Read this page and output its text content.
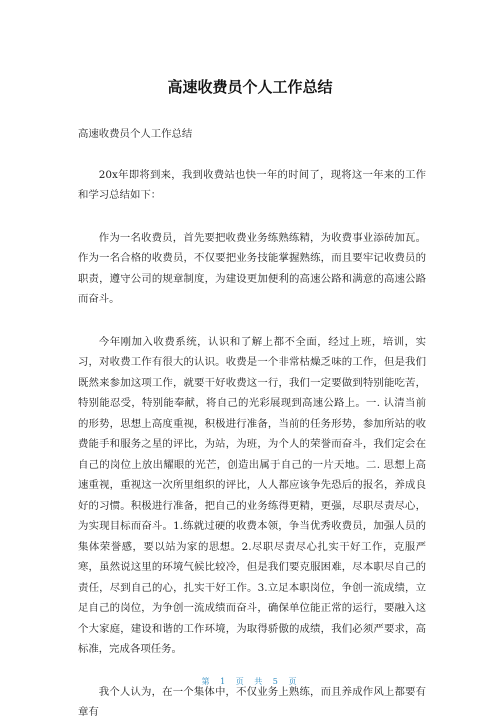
高速收费员个人工作总结

高速收费员个人工作总结

20x年即将到来，我到收费站也快一年的时间了，现将这一年来的工作和学习总结如下：

作为一名收费员，首先要把收费业务练熟练精，为收费事业添砖加瓦。作为一名合格的收费员，不仅要把业务技能掌握熟练，而且要牢记收费员的职责，遵守公司的规章制度，为建设更加便利的高速公路和满意的高速公路而奋斗。

今年刚加入收费系统，认识和了解上都不全面，经过上班，培训，实习，对收费工作有很大的认识。收费是一个非常枯燥乏味的工作，但是我们既然来参加这项工作，就要干好收费这一行，我们一定要做到特别能吃苦，特别能忍受，特别能奉献，将自己的光彩展现到高速公路上。一. 认清当前的形势，思想上高度重视，积极进行准备，当前的任务形势，参加所站的收费能手和服务之星的评比，为站，为班，为个人的荣誉而奋斗，我们定会在自己的岗位上放出耀眼的光芒，创造出属于自己的一片天地。二. 思想上高速重视，重视这一次所里组织的评比，人人都应该争先恐后的报名，养成良好的习惯。积极进行准备，把自己的业务练得更精，更强，尽职尽责尽心，为实现目标而奋斗。1.练就过硬的收费本领，争当优秀收费员，加强人员的集体荣誉感，要以站为家的思想。2.尽职尽责尽心扎实干好工作，克服严寒，虽然说这里的环境气候比较冷，但是我们要克服困难，尽本职尽自己的责任，尽到自己的心，扎实干好工作。3.立足本职岗位，争创一流成绩，立足自己的岗位，为争创一流成绩而奋斗，确保单位能正常的运行，要融入这个大家庭，建设和谐的工作环境，为取得骄傲的成绩，我们必须严要求，高标准，完成各项任务。

我个人认为，在一个集体中，不仅业务上熟练，而且养成作风上都要有章有

第 1 页 共 5 页
